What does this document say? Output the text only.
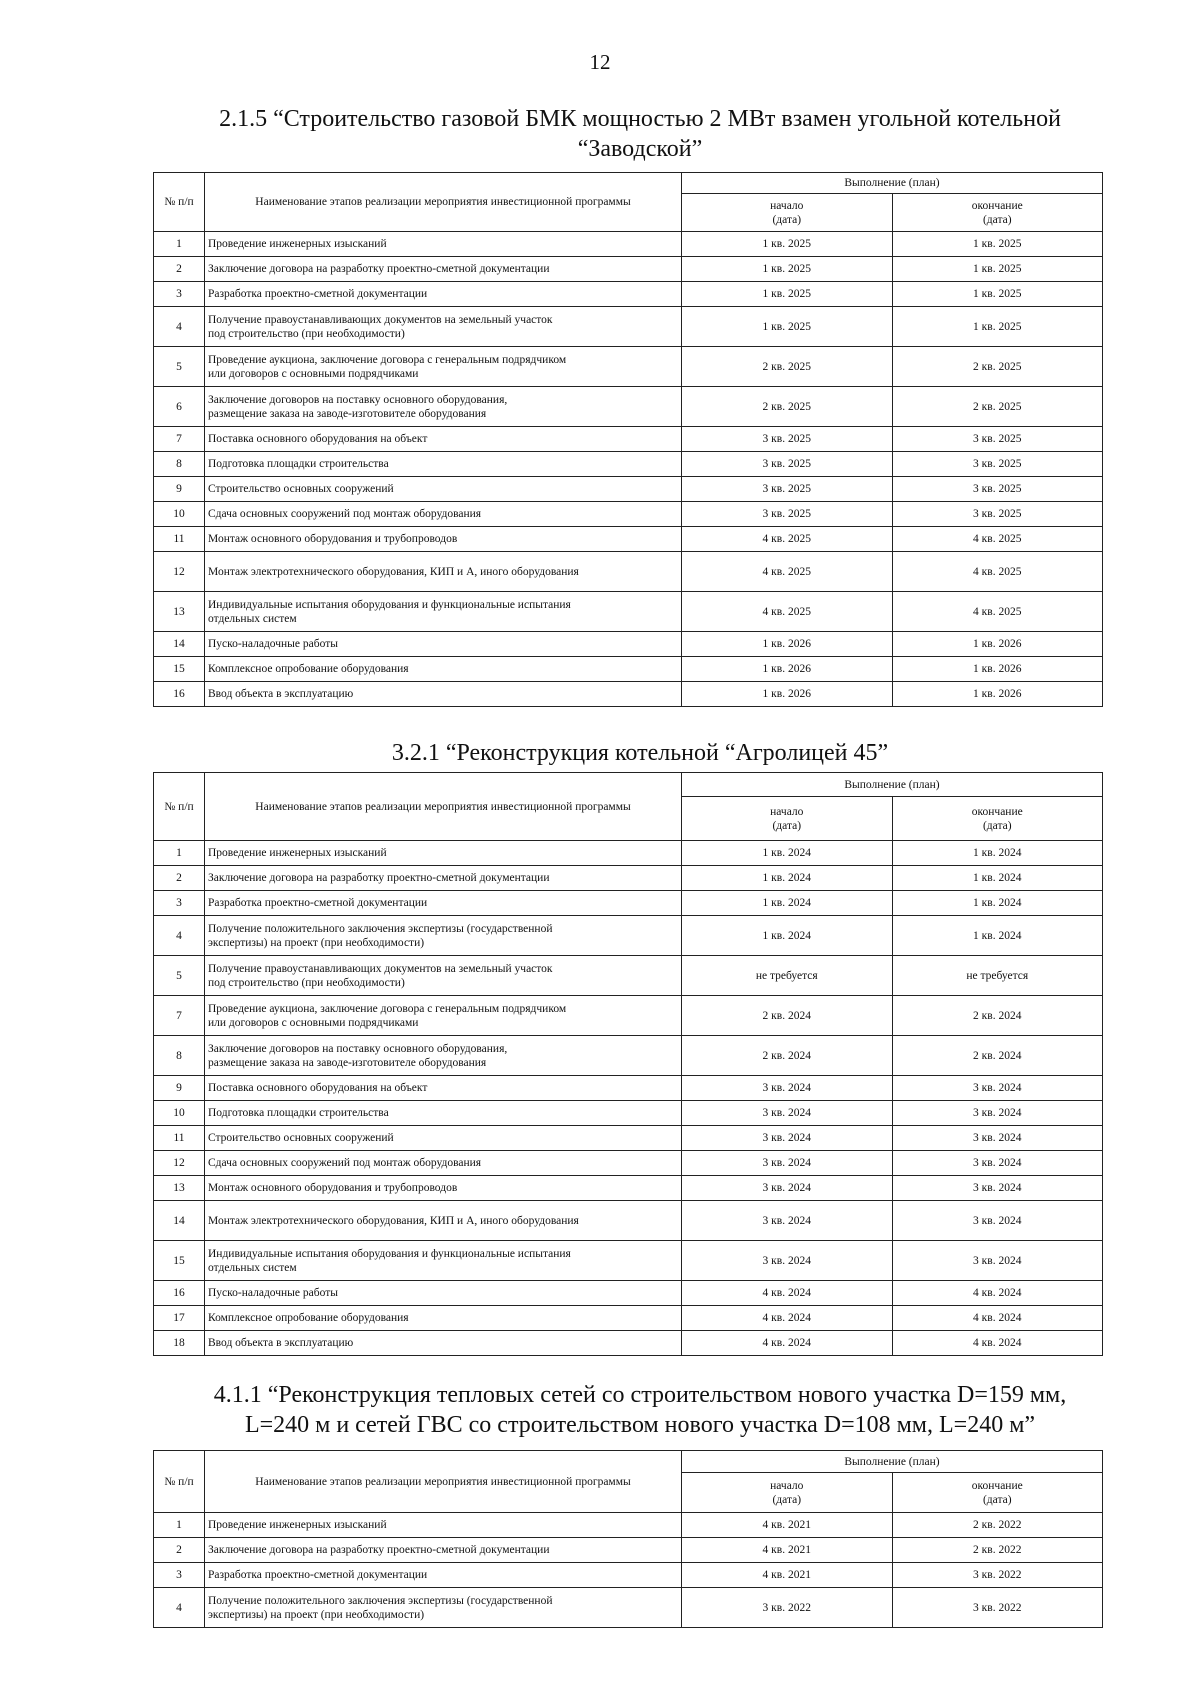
12
2.1.5 “Строительство газовой БМК мощностью 2 МВт взамен угольной котельной
“Заводской”
№ п/п	Наименование этапов реализации мероприятия инвестиционной программы	Выполнение (план)	

		начало
(дата)	окончание
(дата)

1	Проведение инженерных изысканий	1 кв. 2025	1 кв. 2025
2	Заключение договора на разработку проектно-сметной документации	1 кв. 2025	1 кв. 2025
3	Разработка проектно-сметной документации	1 кв. 2025	1 кв. 2025
4	Получение правоустанавливающих документов на земельный участок
под строительство (при необходимости)	1 кв. 2025	1 кв. 2025
5	Проведение аукциона, заключение договора с генеральным подрядчиком
или договоров с основными подрядчиками	2 кв. 2025	2 кв. 2025
6	Заключение договоров на поставку основного оборудования,
размещение заказа на заводе-изготовителе оборудования	2 кв. 2025	2 кв. 2025
7	Поставка основного оборудования на объект	3 кв. 2025	3 кв. 2025
8	Подготовка площадки строительства	3 кв. 2025	3 кв. 2025
9	Строительство основных сооружений	3 кв. 2025	3 кв. 2025
10	Сдача основных сооружений под монтаж оборудования	3 кв. 2025	3 кв. 2025
11	Монтаж основного оборудования и трубопроводов	4 кв. 2025	4 кв. 2025
12	Монтаж электротехнического оборудования, КИП и А, иного оборудования	4 кв. 2025	4 кв. 2025
13	Индивидуальные испытания оборудования и функциональные испытания
отдельных систем	4 кв. 2025	4 кв. 2025
14	Пуско-наладочные работы	1 кв. 2026	1 кв. 2026
15	Комплексное опробование оборудования	1 кв. 2026	1 кв. 2026
16	Ввод объекта в эксплуатацию	1 кв. 2026	1 кв. 2026
3.2.1 “Реконструкция котельной “Агролицей 45”
№ п/п	Наименование этапов реализации мероприятия инвестиционной программы	Выполнение (план)	

		начало
(дата)	окончание
(дата)

1	Проведение инженерных изысканий	1 кв. 2024	1 кв. 2024
2	Заключение договора на разработку проектно-сметной документации	1 кв. 2024	1 кв. 2024
3	Разработка проектно-сметной документации	1 кв. 2024	1 кв. 2024
4	Получение положительного заключения экспертизы (государственной
экспертизы) на проект (при необходимости)	1 кв. 2024	1 кв. 2024
5	Получение правоустанавливающих документов на земельный участок
под строительство (при необходимости)	не требуется	не требуется
7	Проведение аукциона, заключение договора с генеральным подрядчиком
или договоров с основными подрядчиками	2 кв. 2024	2 кв. 2024
8	Заключение договоров на поставку основного оборудования,
размещение заказа на заводе-изготовителе оборудования	2 кв. 2024	2 кв. 2024
9	Поставка основного оборудования на объект	3 кв. 2024	3 кв. 2024
10	Подготовка площадки строительства	3 кв. 2024	3 кв. 2024
11	Строительство основных сооружений	3 кв. 2024	3 кв. 2024
12	Сдача основных сооружений под монтаж оборудования	3 кв. 2024	3 кв. 2024
13	Монтаж основного оборудования и трубопроводов	3 кв. 2024	3 кв. 2024
14	Монтаж электротехнического оборудования, КИП и А, иного оборудования	3 кв. 2024	3 кв. 2024
15	Индивидуальные испытания оборудования и функциональные испытания
отдельных систем	3 кв. 2024	3 кв. 2024
16	Пуско-наладочные работы	4 кв. 2024	4 кв. 2024
17	Комплексное опробование оборудования	4 кв. 2024	4 кв. 2024
18	Ввод объекта в эксплуатацию	4 кв. 2024	4 кв. 2024
4.1.1 “Реконструкция тепловых сетей со строительством нового участка D=159 мм,
L=240 м и сетей ГВС со строительством нового участка D=108 мм, L=240 м”
№ п/п	Наименование этапов реализации мероприятия инвестиционной программы	Выполнение (план)	

		начало
(дата)	окончание
(дата)

1	Проведение инженерных изысканий	4 кв. 2021	2 кв. 2022
2	Заключение договора на разработку проектно-сметной документации	4 кв. 2021	2 кв. 2022
3	Разработка проектно-сметной документации	4 кв. 2021	3 кв. 2022
4	Получение положительного заключения экспертизы (государственной
экспертизы) на проект (при необходимости)	3 кв. 2022	3 кв. 2022
